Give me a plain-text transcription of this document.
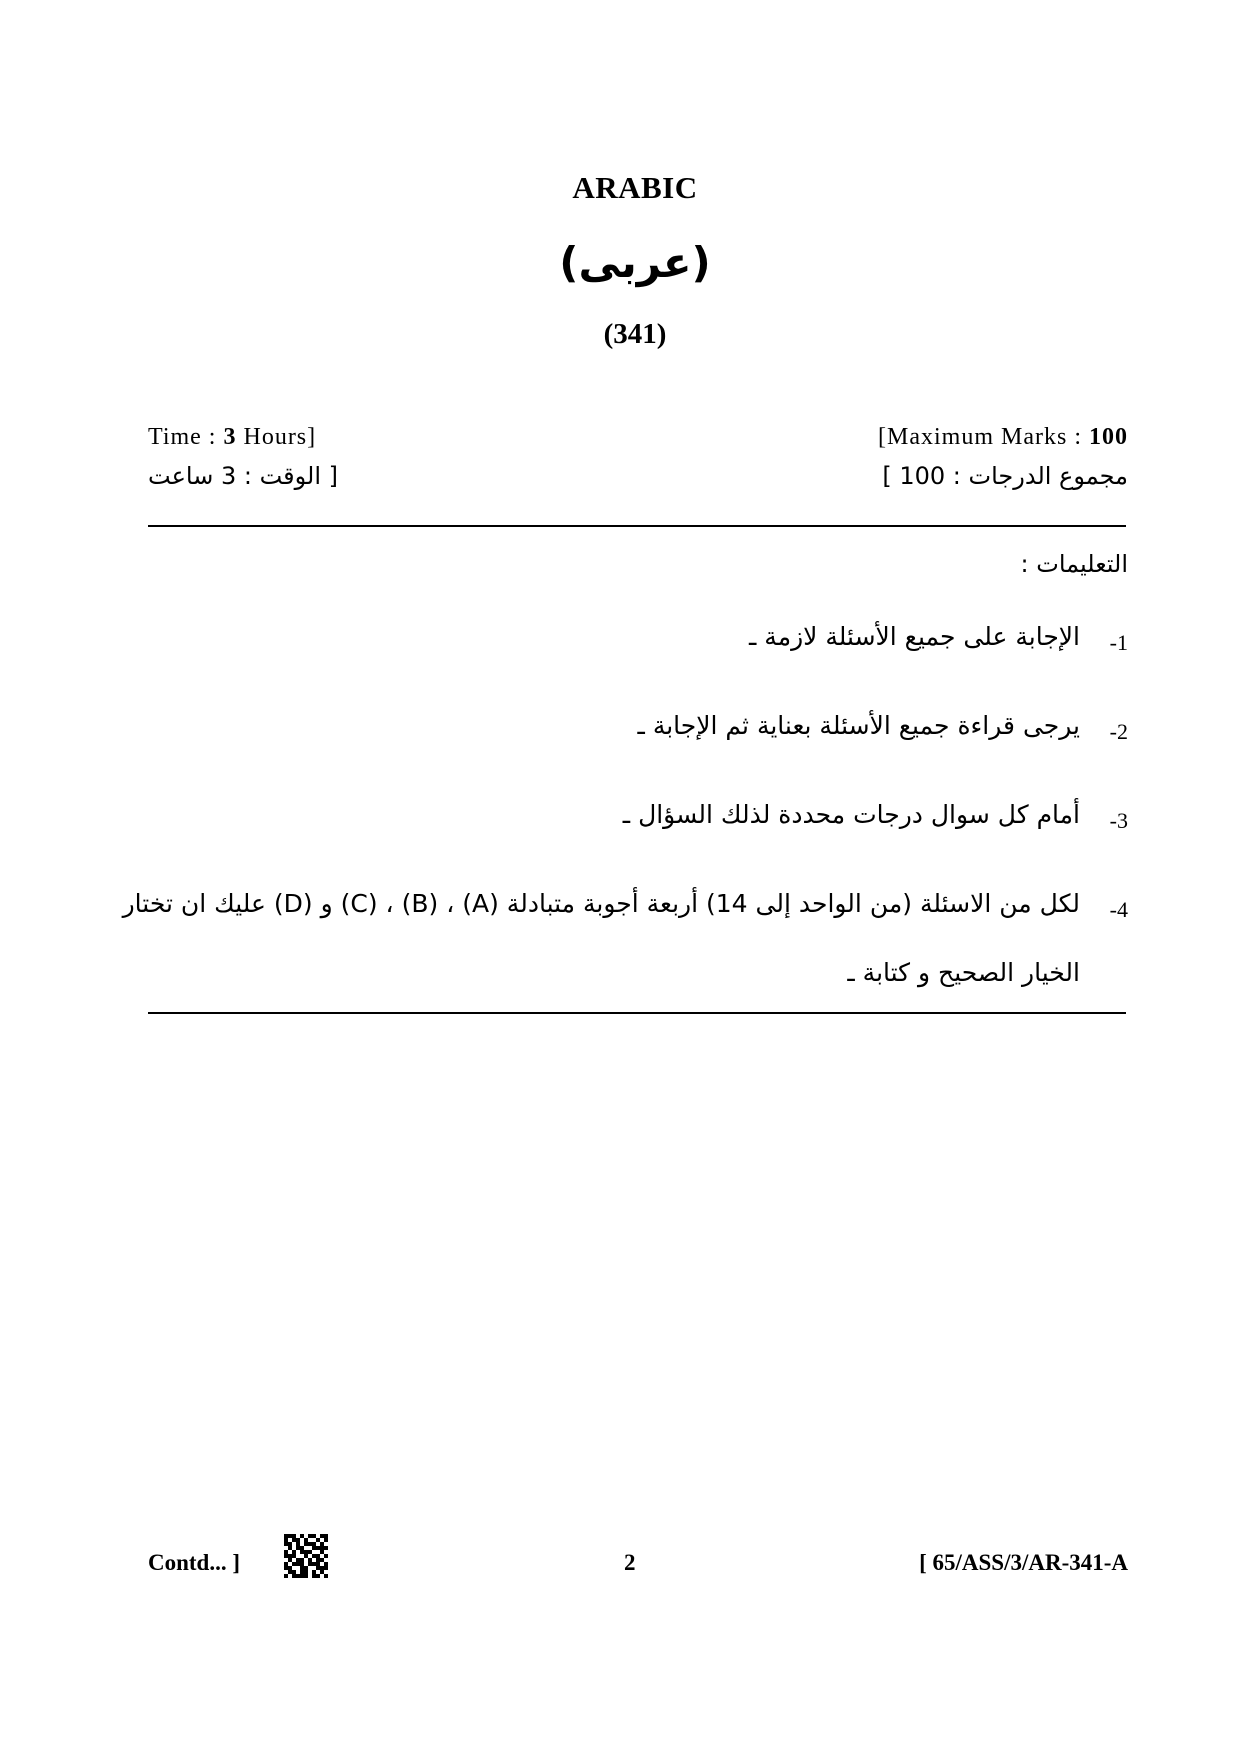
ARABIC
(عربى)
(341)
Time : 3 Hours]	[Maximum Marks : 100
[ الوقت : 3 ساعت	مجموع الدرجات : 100 ]
التعليمات :
-1
الإجابة على جميع الأسئلة لازمة ـ
-2
يرجى قراءة جميع الأسئلة بعناية ثم الإجابة ـ
-3
أمام كل سوال درجات محددة لذلك السؤال ـ
-4
لكل من الاسئلة (من الواحد إلى 14) أربعة أجوبة متبادلة (A) ، (B) ، (C) و (D) عليك ان تختار
الخيار الصحيح و كتابة ـ
Contd... ]	2	[ 65/ASS/3/AR-341-A
